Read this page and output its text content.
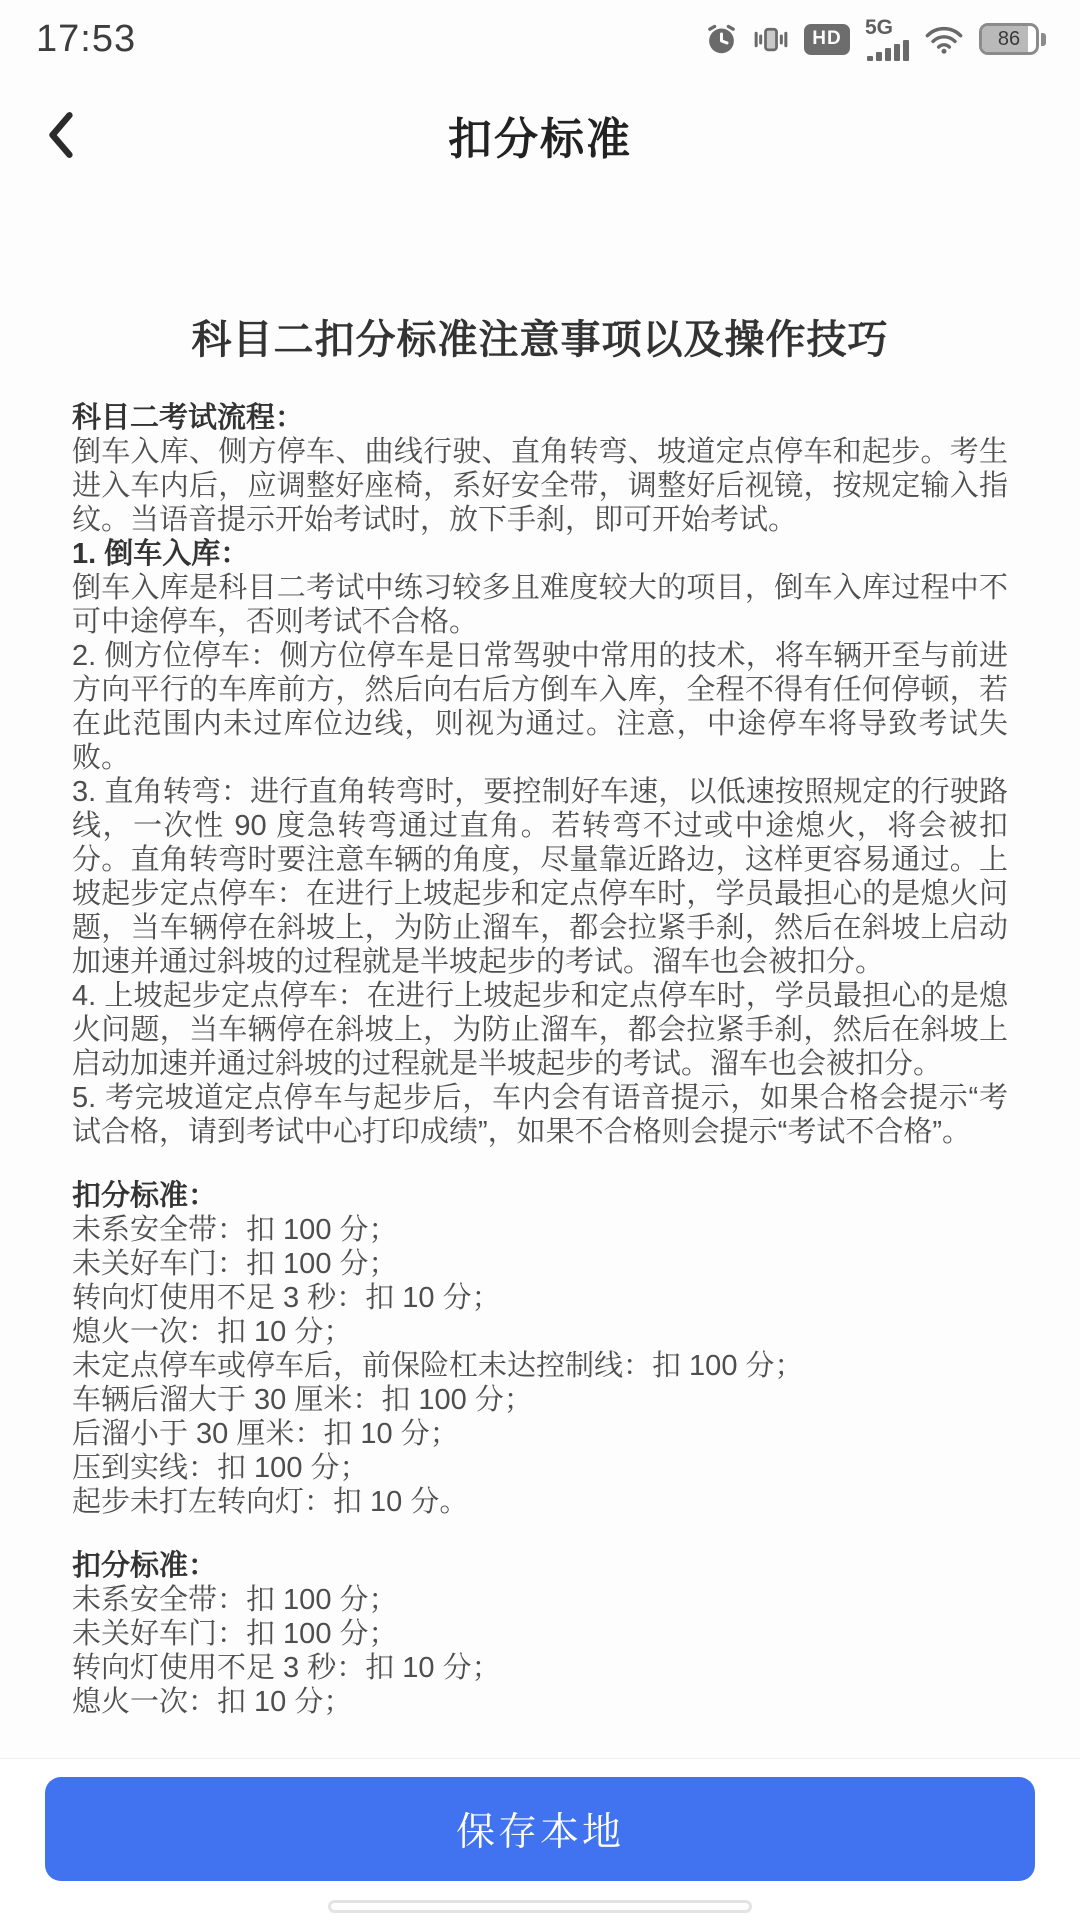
17:53	HD	5G	86
扣分标准
科目二扣分标准注意事项以及操作技巧

科目二考试流程：

倒车入库、侧方停车、曲线行驶、直角转弯、坡道定点停车和起步。考生进入车内后，应调整好座椅，系好安全带，调整好后视镜，按规定输入指纹。当语音提示开始考试时，放下手刹，即可开始考试。

1. 倒车入库：

倒车入库是科目二考试中练习较多且难度较大的项目，倒车入库过程中不可中途停车，否则考试不合格。

2. 侧方位停车：侧方位停车是日常驾驶中常用的技术，将车辆开至与前进方向平行的车库前方，然后向右后方倒车入库，全程不得有任何停顿，若在此范围内未过库位边线，则视为通过。注意，中途停车将导致考试失败。

3. 直角转弯：进行直角转弯时，要控制好车速，以低速按照规定的行驶路线，一次性 90 度急转弯通过直角。若转弯不过或中途熄火，将会被扣分。直角转弯时要注意车辆的角度，尽量靠近路边，这样更容易通过。上坡起步定点停车：在进行上坡起步和定点停车时，学员最担心的是熄火问题，当车辆停在斜坡上，为防止溜车，都会拉紧手刹，然后在斜坡上启动加速并通过斜坡的过程就是半坡起步的考试。溜车也会被扣分。

4. 上坡起步定点停车：在进行上坡起步和定点停车时，学员最担心的是熄火问题，当车辆停在斜坡上，为防止溜车，都会拉紧手刹，然后在斜坡上启动加速并通过斜坡的过程就是半坡起步的考试。溜车也会被扣分。

5. 考完坡道定点停车与起步后，车内会有语音提示，如果合格会提示“考试合格，请到考试中心打印成绩”，如果不合格则会提示“考试不合格”。

扣分标准：

未系安全带：扣 100 分；

未关好车门：扣 100 分；

转向灯使用不足 3 秒：扣 10 分；

熄火一次：扣 10 分；

未定点停车或停车后，前保险杠未达控制线：扣 100 分；

车辆后溜大于 30 厘米：扣 100 分；

后溜小于 30 厘米：扣 10 分；

压到实线：扣 100 分；

起步未打左转向灯：扣 10 分。

扣分标准：

未系安全带：扣 100 分；

未关好车门：扣 100 分；

转向灯使用不足 3 秒：扣 10 分；

熄火一次：扣 10 分；

保存本地
